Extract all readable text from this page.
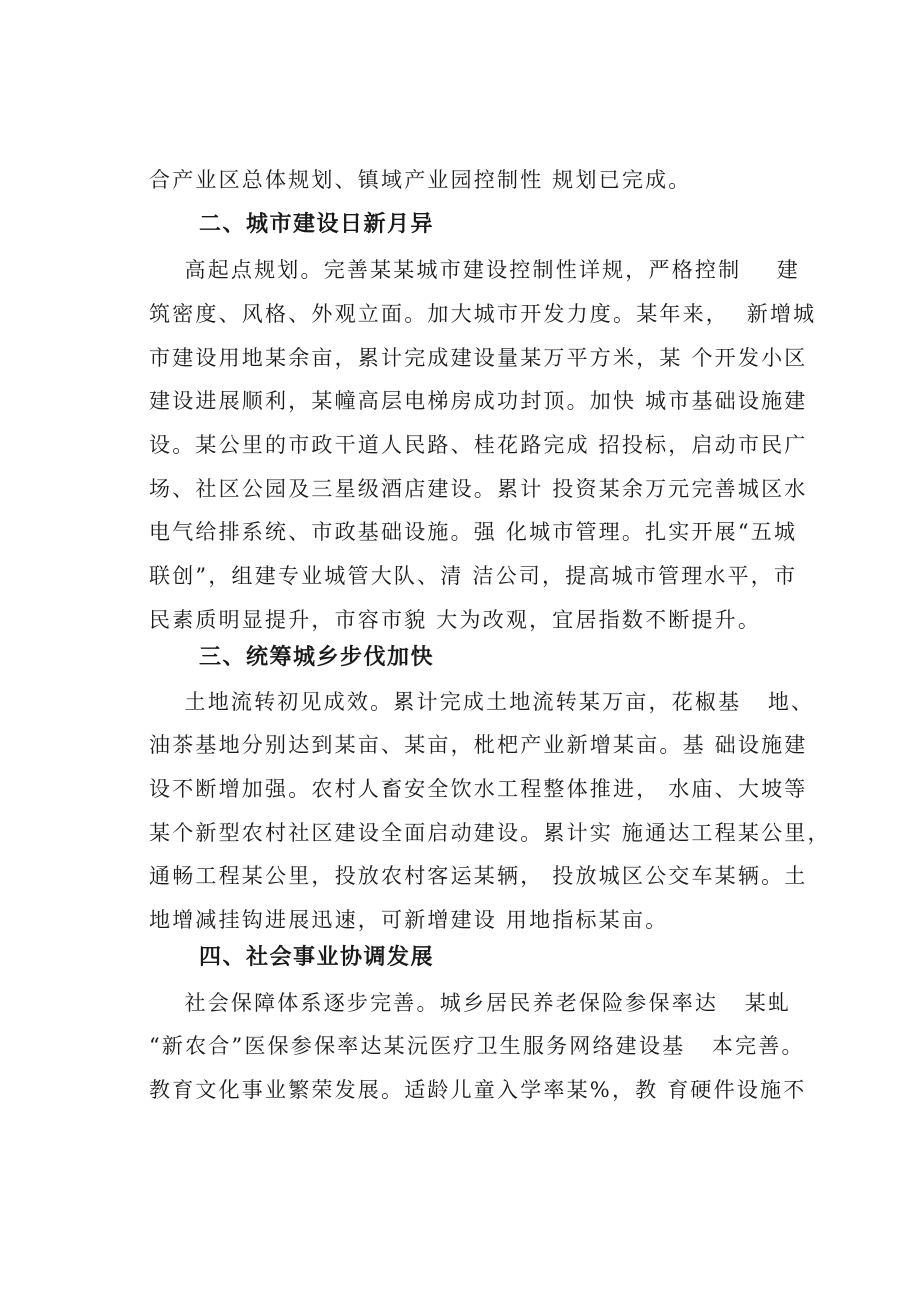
合产业区总体规划、镇域产业园控制性 规划已完成。
二、城市建设日新月异
高起点规划。完善某某城市建设控制性详规，严格控制    建
筑密度、风格、外观立面。加大城市开发力度。某年来，  新增城
市建设用地某余亩，累计完成建设量某万平方米，某 个开发小区
建设进展顺利，某幢高层电梯房成功封顶。加快 城市基础设施建
设。某公里的市政干道人民路、桂花路完成 招投标，启动市民广
场、社区公园及三星级酒店建设。累计 投资某余万元完善城区水
电气给排系统、市政基础设施。强 化城市管理。扎实开展“五城
联创”，组建专业城管大队、清 洁公司，提高城市管理水平，市
民素质明显提升，市容市貌 大为改观，宜居指数不断提升。
三、统筹城乡步伐加快
土地流转初见成效。累计完成土地流转某万亩，花椒基   地、
油茶基地分别达到某亩、某亩，枇杷产业新增某亩。基 础设施建
设不断增加强。农村人畜安全饮水工程整体推进， 水庙、大坡等
某个新型农村社区建设全面启动建设。累计实 施通达工程某公里，
通畅工程某公里，投放农村客运某辆， 投放城区公交车某辆。土
地增减挂钩进展迅速，可新增建设 用地指标某亩。
四、社会事业协调发展
社会保障体系逐步完善。城乡居民养老保险参保率达   某虬
“新农合”医保参保率达某沅医疗卫生服务网络建设基   本完善。
教育文化事业繁荣发展。适龄儿童入学率某%，教 育硬件设施不
